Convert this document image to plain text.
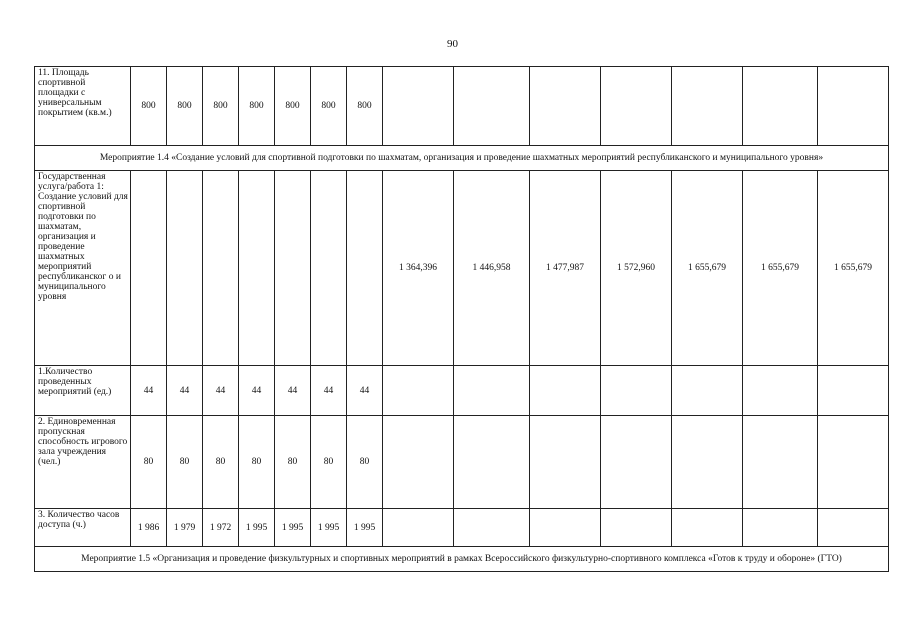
90
11. Площадь спортивной площадки с универсальным покрытием (кв.м.)	800	800	800	800	800	800	800							
Мероприятие 1.4 «Создание условий для спортивной подготовки по шахматам, организация и проведение шахматных мероприятий республиканского и муниципального уровня»														
Государственная услуга/работа 1: Создание условий для спортивной подготовки по шахматам, организация и проведение шахматных мероприятий республиканског о и муниципального уровня								1 364,396	1 446,958	1 477,987	1 572,960	1 655,679	1 655,679	1 655,679
1.Количество проведенных мероприятий (ед.)	44	44	44	44	44	44	44							
2. Единовременная пропускная способность игрового зала учреждения (чел.)	80	80	80	80	80	80	80							
3. Количество часов доступа (ч.)	1 986	1 979	1 972	1 995	1 995	1 995	1 995							
Мероприятие 1.5 «Организация и проведение физкультурных и спортивных мероприятий в рамках Всероссийского физкультурно-спортивного комплекса «Готов к труду и обороне» (ГТО)														
